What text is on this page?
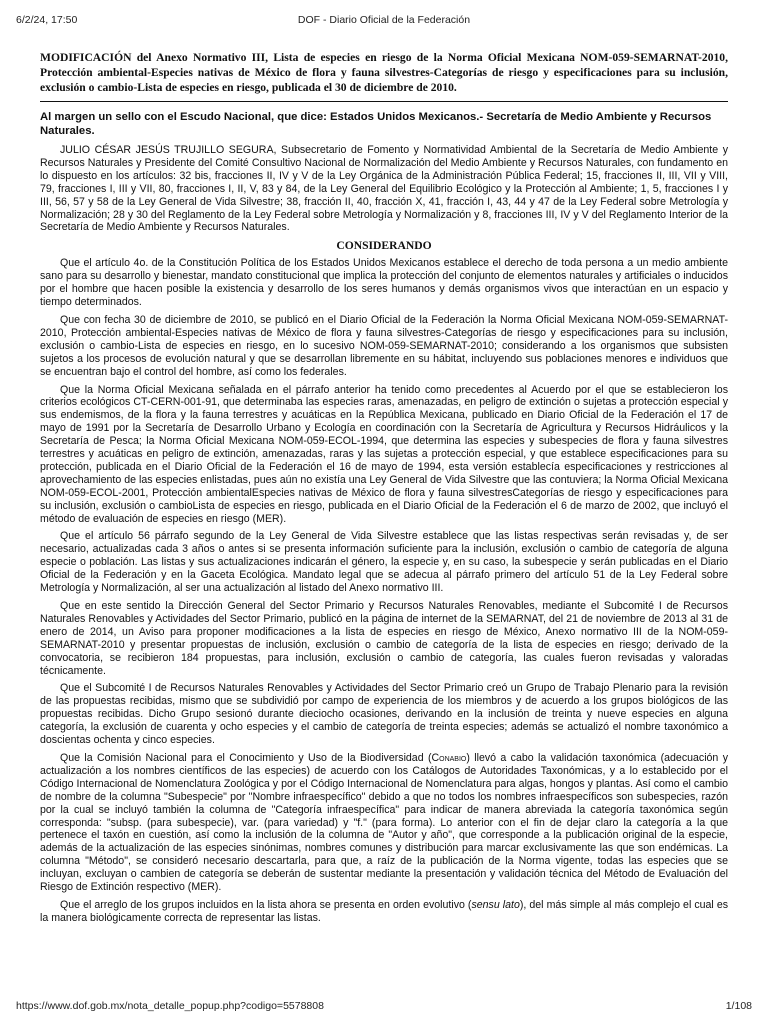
6/2/24, 17:50	DOF - Diario Oficial de la Federación
MODIFICACIÓN del Anexo Normativo III, Lista de especies en riesgo de la Norma Oficial Mexicana NOM-059-SEMARNAT-2010, Protección ambiental-Especies nativas de México de flora y fauna silvestres-Categorías de riesgo y especificaciones para su inclusión, exclusión o cambio-Lista de especies en riesgo, publicada el 30 de diciembre de 2010.
Al margen un sello con el Escudo Nacional, que dice: Estados Unidos Mexicanos.- Secretaría de Medio Ambiente y Recursos Naturales.

JULIO CÉSAR JESÚS TRUJILLO SEGURA, Subsecretario de Fomento y Normatividad Ambiental de la Secretaría de Medio Ambiente y Recursos Naturales y Presidente del Comité Consultivo Nacional de Normalización del Medio Ambiente y Recursos Naturales, con fundamento en lo dispuesto en los artículos: 32 bis, fracciones II, IV y V de la Ley Orgánica de la Administración Pública Federal; 15, fracciones II, III, VII y VIII, 79, fracciones I, III y VII, 80, fracciones I, II, V, 83 y 84, de la Ley General del Equilibrio Ecológico y la Protección al Ambiente; 1, 5, fracciones I y III, 56, 57 y 58 de la Ley General de Vida Silvestre; 38, fracción II, 40, fracción X, 41, fracción I, 43, 44 y 47 de la Ley Federal sobre Metrología y Normalización; 28 y 30 del Reglamento de la Ley Federal sobre Metrología y Normalización y 8, fracciones III, IV y V del Reglamento Interior de la Secretaría de Medio Ambiente y Recursos Naturales.

CONSIDERANDO

Que el artículo 4o. de la Constitución Política de los Estados Unidos Mexicanos establece el derecho de toda persona a un medio ambiente sano para su desarrollo y bienestar, mandato constitucional que implica la protección del conjunto de elementos naturales y artificiales o inducidos por el hombre que hacen posible la existencia y desarrollo de los seres humanos y demás organismos vivos que interactúan en un espacio y tiempo determinados.

Que con fecha 30 de diciembre de 2010, se publicó en el Diario Oficial de la Federación la Norma Oficial Mexicana NOM-059-SEMARNAT-2010, Protección ambiental-Especies nativas de México de flora y fauna silvestres-Categorías de riesgo y especificaciones para su inclusión, exclusión o cambio-Lista de especies en riesgo, en lo sucesivo NOM-059-SEMARNAT-2010; considerando a los organismos que subsisten sujetos a los procesos de evolución natural y que se desarrollan libremente en su hábitat, incluyendo sus poblaciones menores e individuos que se encuentran bajo el control del hombre, así como los federales.

Que la Norma Oficial Mexicana señalada en el párrafo anterior ha tenido como precedentes al Acuerdo por el que se establecieron los criterios ecológicos CT-CERN-001-91, que determinaba las especies raras, amenazadas, en peligro de extinción o sujetas a protección especial y sus endemismos, de la flora y la fauna terrestres y acuáticas en la República Mexicana, publicado en Diario Oficial de la Federación el 17 de mayo de 1991 por la Secretaría de Desarrollo Urbano y Ecología en coordinación con la Secretaría de Agricultura y Recursos Hidráulicos y la Secretaría de Pesca; la Norma Oficial Mexicana NOM-059-ECOL-1994, que determina las especies y subespecies de flora y fauna silvestres terrestres y acuáticas en peligro de extinción, amenazadas, raras y las sujetas a protección especial, y que establece especificaciones para su protección, publicada en el Diario Oficial de la Federación el 16 de mayo de 1994, esta versión establecía especificaciones y restricciones al aprovechamiento de las especies enlistadas, pues aún no existía una Ley General de Vida Silvestre que las contuviera; la Norma Oficial Mexicana NOM-059-ECOL-2001, Protección ambientalEspecies nativas de México de flora y fauna silvestresCategorías de riesgo y especificaciones para su inclusión, exclusión o cambioLista de especies en riesgo, publicada en el Diario Oficial de la Federación el 6 de marzo de 2002, que incluyó el método de evaluación de especies en riesgo (MER).

Que el artículo 56 párrafo segundo de la Ley General de Vida Silvestre establece que las listas respectivas serán revisadas y, de ser necesario, actualizadas cada 3 años o antes si se presenta información suficiente para la inclusión, exclusión o cambio de categoría de alguna especie o población. Las listas y sus actualizaciones indicarán el género, la especie y, en su caso, la subespecie y serán publicadas en el Diario Oficial de la Federación y en la Gaceta Ecológica. Mandato legal que se adecua al párrafo primero del artículo 51 de la Ley Federal sobre Metrología y Normalización, al ser una actualización al listado del Anexo normativo III.

Que en este sentido la Dirección General del Sector Primario y Recursos Naturales Renovables, mediante el Subcomité I de Recursos Naturales Renovables y Actividades del Sector Primario, publicó en la página de internet de la SEMARNAT, del 21 de noviembre de 2013 al 31 de enero de 2014, un Aviso para proponer modificaciones a la lista de especies en riesgo de México, Anexo normativo III de la NOM-059-SEMARNAT-2010 y presentar propuestas de inclusión, exclusión o cambio de categoría de la lista de especies en riesgo; derivado de la convocatoria, se recibieron 184 propuestas, para inclusión, exclusión o cambio de categoría, las cuales fueron revisadas y valoradas técnicamente.

Que el Subcomité I de Recursos Naturales Renovables y Actividades del Sector Primario creó un Grupo de Trabajo Plenario para la revisión de las propuestas recibidas, mismo que se subdividió por campo de experiencia de los miembros y de acuerdo a los grupos biológicos de las propuestas recibidas. Dicho Grupo sesionó durante dieciocho ocasiones, derivando en la inclusión de treinta y nueve especies en alguna categoría, la exclusión de cuarenta y ocho especies y el cambio de categoría de treinta especies; además se actualizó el nombre taxonómico a doscientas ochenta y cinco especies.

Que la Comisión Nacional para el Conocimiento y Uso de la Biodiversidad (Conabio) llevó a cabo la validación taxonómica (adecuación y actualización a los nombres científicos de las especies) de acuerdo con los Catálogos de Autoridades Taxonómicas, y a lo establecido por el Código Internacional de Nomenclatura Zoológica y por el Código Internacional de Nomenclatura para algas, hongos y plantas. Así como el cambio de nombre de la columna "Subespecie" por "Nombre infraespecífico" debido a que no todos los nombres infraespecíficos son subespecies, razón por la cual se incluyó también la columna de "Categoría infraespecífica" para indicar de manera abreviada la categoría taxonómica según corresponda: "subsp. (para subespecie), var. (para variedad) y "f." (para forma). Lo anterior con el fin de dejar claro la categoría a la que pertenece el taxón en cuestión, así como la inclusión de la columna de "Autor y año", que corresponde a la publicación original de la especie, además de la actualización de las especies sinónimas, nombres comunes y distribución para marcar exclusivamente las que son endémicas. La columna "Método", se consideró necesario descartarla, para que, a raíz de la publicación de la Norma vigente, todas las especies que se incluyan, excluyan o cambien de categoría se deberán de sustentar mediante la presentación y validación técnica del Método de Evaluación del Riesgo de Extinción respectivo (MER).

Que el arreglo de los grupos incluidos en la lista ahora se presenta en orden evolutivo (sensu lato), del más simple al más complejo el cual es la manera biológicamente correcta de representar las listas.

https://www.dof.gob.mx/nota_detalle_popup.php?codigo=5578808	1/108
